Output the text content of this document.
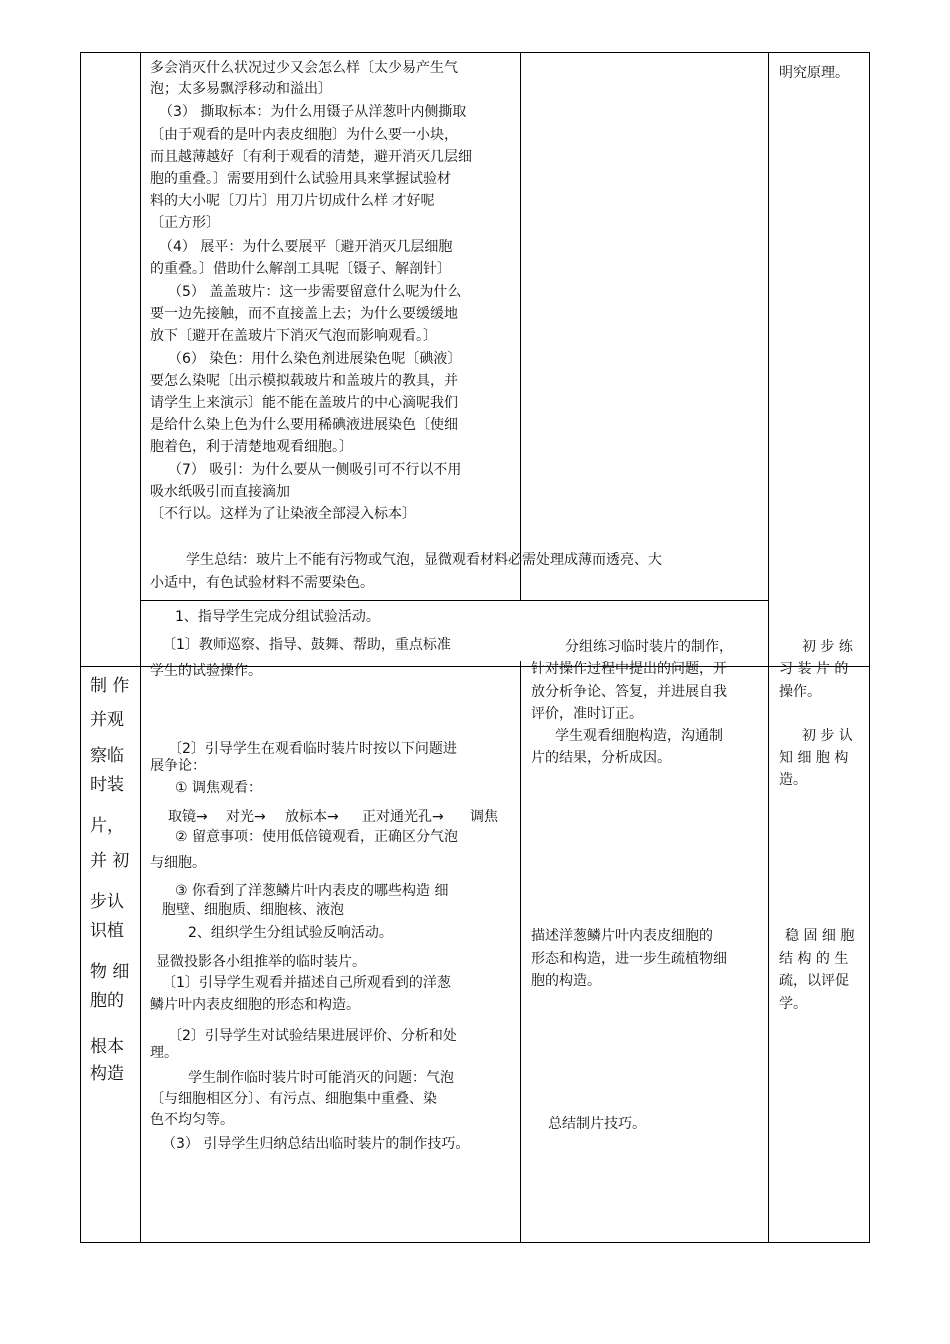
多会消灭什么状况过少又会怎么样〔太少易产生气
泡；太多易飘浮移动和溢出〕
（3） 撕取标本：为什么用镊子从洋葱叶内侧撕取
〔由于观看的是叶内表皮细胞〕为什么要一小块，
而且越薄越好〔有利于观看的清楚，避开消灭几层细
胞的重叠。〕需要用到什么试验用具来掌握试验材
料的大小呢〔刀片〕用刀片切成什么样 才好呢
〔正方形〕
（4） 展平：为什么要展平〔避开消灭几层细胞
的重叠。〕借助什么解剖工具呢〔镊子、解剖针〕
（5） 盖盖玻片：这一步需要留意什么呢为什么
要一边先接触，而不直接盖上去；为什么要缓缓地
放下〔避开在盖玻片下消灭气泡而影响观看。〕
（6） 染色：用什么染色剂进展染色呢〔碘液〕
要怎么染呢〔出示模拟载玻片和盖玻片的教具，并
请学生上来演示〕能不能在盖玻片的中心滴呢我们
是给什么染上色为什么要用稀碘液进展染色〔使细
胞着色，利于清楚地观看细胞。〕
（7） 吸引：为什么要从一侧吸引可不行以不用
吸水纸吸引而直接滴加
〔不行以。这样为了让染液全部浸入标本〕
明究原理。
学生总结：玻片上不能有污物或气泡，显微观看材料必需处理成薄而透亮、大
小适中，有色试验材料不需要染色。
制 作
并观
察临
时装
片，
并 初
步认
识植
物 细
胞的
根本
构造
1、指导学生完成分组试验活动。
〔1〕教师巡察、指导、鼓舞、帮助，重点标准
学生的试验操作。
〔2〕引导学生在观看临时装片时按以下问题进
展争论：
① 调焦观看：
取镜→ 对光→ 放标本→ 正对通光孔→ 调焦
② 留意事项：使用低倍镜观看，正确区分气泡
与细胞。
③ 你看到了洋葱鳞片叶内表皮的哪些构造 细
胞壁、细胞质、细胞核、液泡
2、组织学生分组试验反响活动。
显微投影各小组推举的临时装片。
〔1〕引导学生观看并描述自己所观看到的洋葱
鳞片叶内表皮细胞的形态和构造。
〔2〕引导学生对试验结果进展评价、分析和处
理。
学生制作临时装片时可能消灭的问题：气泡
〔与细胞相区分〕、有污点、细胞集中重叠、染
色不均匀等。
（3） 引导学生归纳总结出临时装片的制作技巧。
分组练习临时装片的制作，
针对操作过程中提出的问题，开
放分析争论、答复，并进展自我
评价，准时订正。
学生观看细胞构造，沟通制
片的结果，分析成因。
描述洋葱鳞片叶内表皮细胞的
形态和构造，进一步生疏植物细
胞的构造。
总结制片技巧。
初 步 练
习 装 片 的
操作。
初 步 认
知 细 胞 构
造。
稳 固 细 胞
结 构 的 生
疏，以评促
学。
